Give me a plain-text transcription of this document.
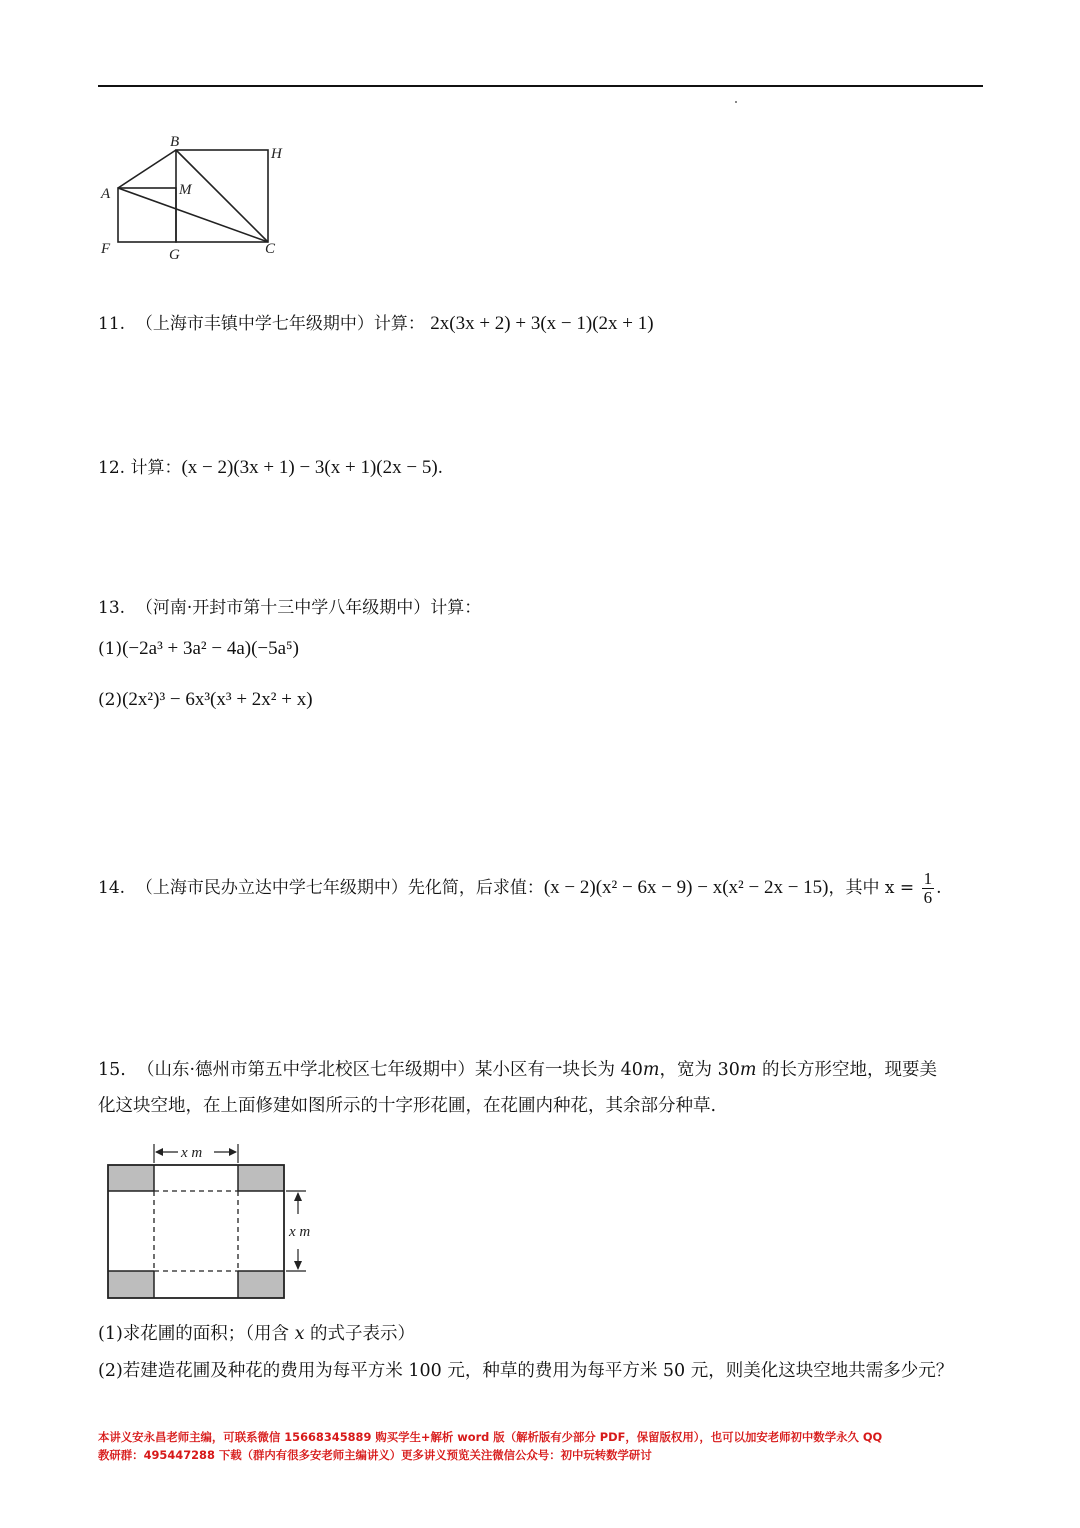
B
H
A	M
F	G	C
11. （上海市丰镇中学七年级期中）计算： 2x(3x + 2) + 3(x − 1)(2x + 1)
12. 计算：(x − 2)(3x + 1) − 3(x + 1)(2x − 5).
13. （河南·开封市第十三中学八年级期中）计算：
(1)(−2a³ + 3a² − 4a)(−5a⁵)
(2)(2x²)³ − 6x³(x³ + 2x² + x)
14. （上海市民办立达中学七年级期中）先化简，后求值：(x − 2)(x² − 6x − 9) − x(x² − 2x − 15)，其中 $x = \frac{1}{6}$ .
15. （山东·德州市第五中学北校区七年级期中）某小区有一块长为 40m，宽为 30m 的长方形空地，现要美
化这块空地，在上面修建如图所示的十字形花圃，在花圃内种花，其余部分种草.
x m
x m
(1)求花圃的面积；（用含 x 的式子表示）
(2)若建造花圃及种花的费用为每平方米 100 元，种草的费用为每平方米 50 元，则美化这块空地共需多少元？
本讲义安永昌老师主编，可联系微信 15668345889 购买学生+解析 word 版（解析版有少部分 PDF，保留版权用），也可以加安老师初中数学永久 QQ
教研群：495447288 下载（群内有很多安老师主编讲义）更多讲义预览关注微信公众号：初中玩转数学研讨
